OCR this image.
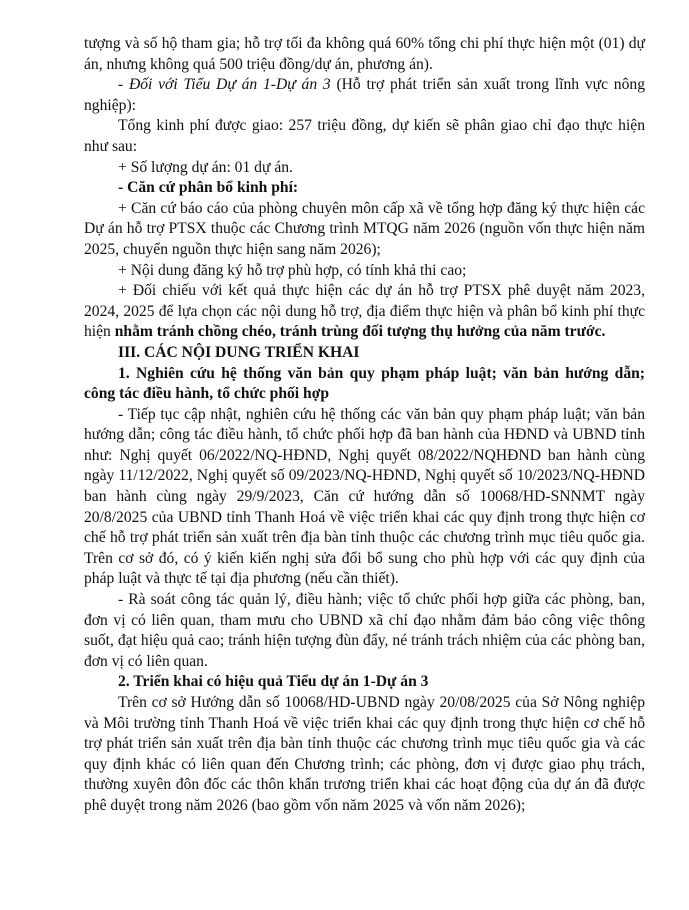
tượng và số hộ tham gia; hỗ trợ tối đa không quá 60% tổng chi phí thực hiện một (01) dự án, nhưng không quá 500 triệu đồng/dự án, phương án).

- Đối với Tiểu Dự án 1-Dự án 3 (Hỗ trợ phát triển sản xuất trong lĩnh vực nông nghiệp):

Tổng kinh phí được giao: 257 triệu đồng, dự kiến sẽ phân giao chỉ đạo thực hiện như sau:

+ Số lượng dự án: 01 dự án.

- Căn cứ phân bổ kinh phí:

+ Căn cứ báo cáo của phòng chuyên môn cấp xã về tổng hợp đăng ký thực hiện các Dự án hỗ trợ PTSX thuộc các Chương trình MTQG năm 2026 (nguồn vốn thực hiện năm 2025, chuyển nguồn thực hiện sang năm 2026);

+ Nội dung đăng ký hỗ trợ phù hợp, có tính khả thi cao;

+ Đối chiếu với kết quả thực hiện các dự án hỗ trợ PTSX phê duyệt năm 2023, 2024, 2025 để lựa chọn các nội dung hỗ trợ, địa điểm thực hiện và phân bổ kinh phí thực hiện nhằm tránh chồng chéo, tránh trùng đối tượng thụ hưởng của năm trước.

III. CÁC NỘI DUNG TRIỂN KHAI

1. Nghiên cứu hệ thống văn bản quy phạm pháp luật; văn bản hướng dẫn; công tác điều hành, tổ chức phối hợp

- Tiếp tục cập nhật, nghiên cứu hệ thống các văn bản quy phạm pháp luật; văn bản hướng dẫn; công tác điều hành, tổ chức phối hợp đã ban hành của HĐND và UBND tỉnh như: Nghị quyết 06/2022/NQ-HĐND, Nghị quyết 08/2022/NQHĐND ban hành cùng ngày 11/12/2022, Nghị quyết số 09/2023/NQ-HĐND, Nghị quyết số 10/2023/NQ-HĐND ban hành cùng ngày 29/9/2023, Căn cứ hướng dẫn số 10068/HD-SNNMT ngày 20/8/2025 của UBND tỉnh Thanh Hoá về việc triển khai các quy định trong thực hiện cơ chế hỗ trợ phát triển sản xuất trên địa bàn tỉnh thuộc các chương trình mục tiêu quốc gia. Trên cơ sở đó, có ý kiến kiến nghị sửa đổi bổ sung cho phù hợp với các quy định của pháp luật và thực tế tại địa phương (nếu cần thiết).

- Rà soát công tác quản lý, điều hành; việc tổ chức phối hợp giữa các phòng, ban, đơn vị có liên quan, tham mưu cho UBND xã chỉ đạo nhằm đảm bảo công việc thông suốt, đạt hiệu quả cao; tránh hiện tượng đùn đẩy, né tránh trách nhiệm của các phòng ban, đơn vị có liên quan.

2. Triển khai có hiệu quả Tiểu dự án 1-Dự án 3

Trên cơ sở Hướng dẫn số 10068/HD-UBND ngày 20/08/2025 của Sở Nông nghiệp và Môi trường tỉnh Thanh Hoá về việc triển khai các quy định trong thực hiện cơ chế hỗ trợ phát triển sản xuất trên địa bàn tỉnh thuộc các chương trình mục tiêu quốc gia và các quy định khác có liên quan đến Chương trình; các phòng, đơn vị được giao phụ trách, thường xuyên đôn đốc các thôn khẩn trương triển khai các hoạt động của dự án đã được phê duyệt trong năm 2026 (bao gồm vốn năm 2025 và vốn năm 2026);
